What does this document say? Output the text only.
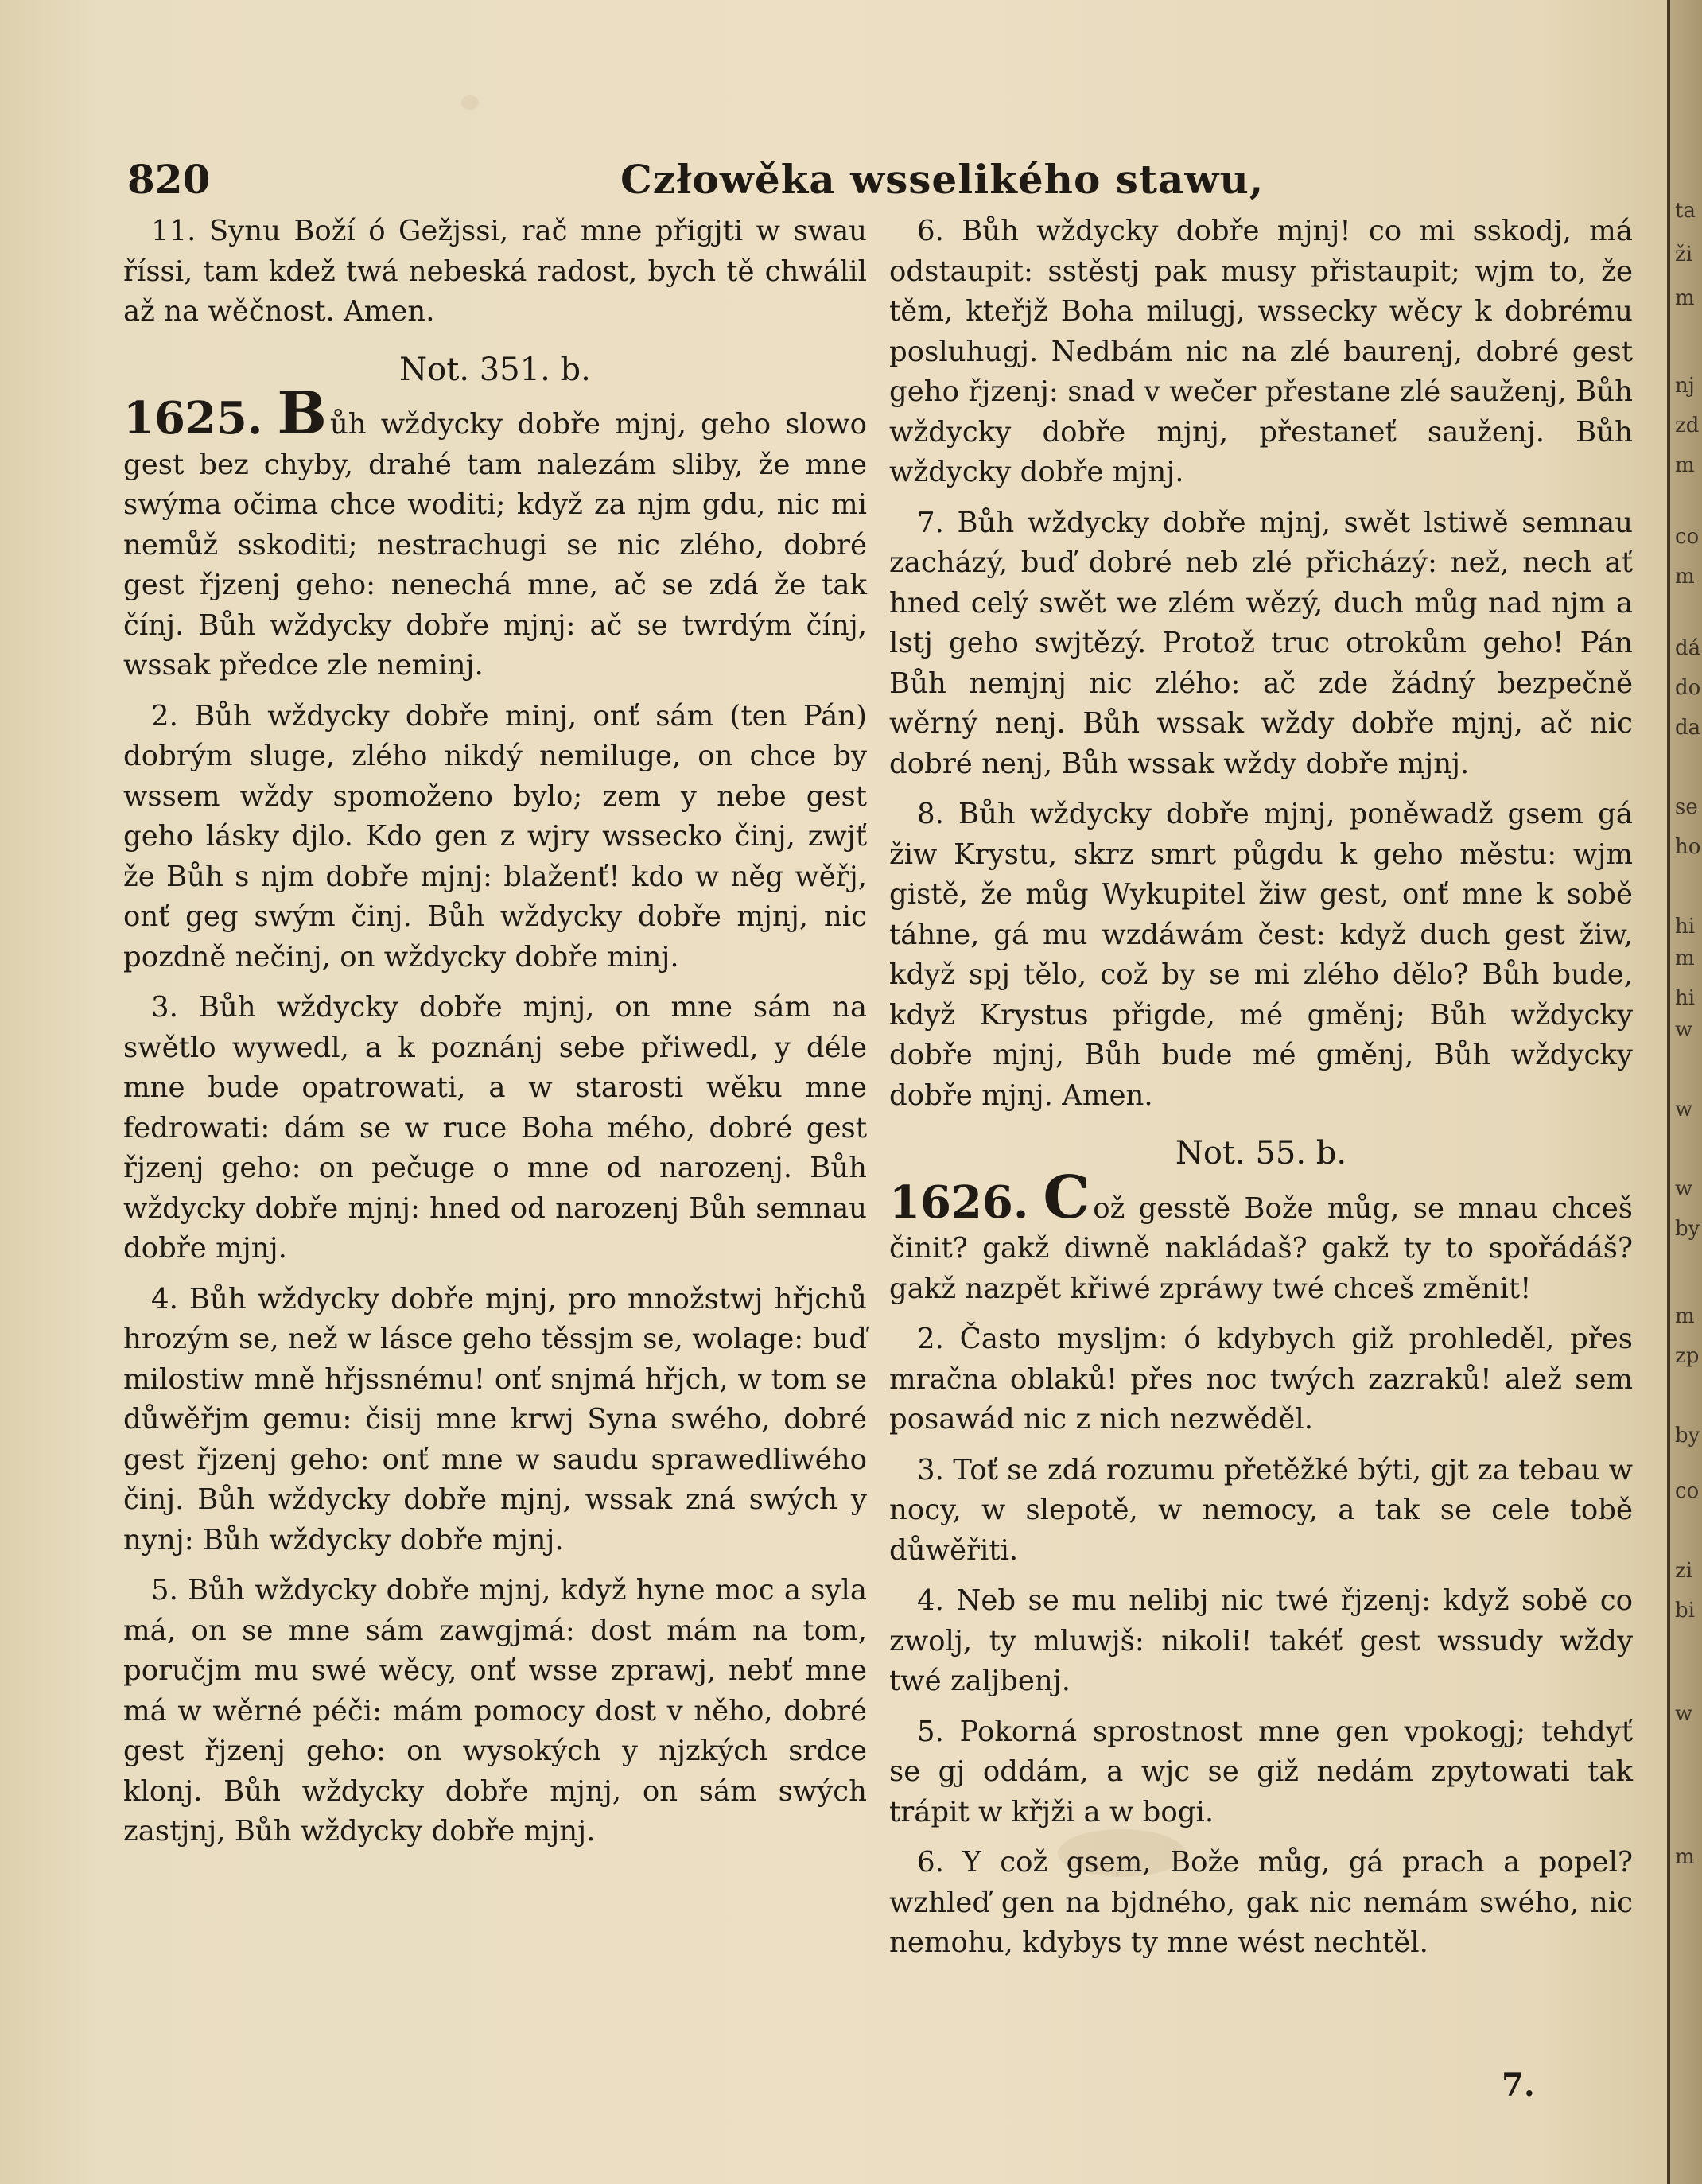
820	Człowěka wsselikého stawu,

11. Synu Boží ó Gežjssi, rač mne přigjti w swau říssi, tam kdež twá nebeská radost, bych tě chwálil až na wěčnost. Amen.

Not. 351. b.

1625. B ůh wždycky dobře mjnj, geho slowo gest bez chyby, drahé tam nalezám sliby, že mne swýma očima chce woditi; když za njm gdu, nic mi nemůž sskoditi; nestrachugi se nic zlého, dobré gest řjzenj geho: nenechá mne, ač se zdá že tak čínj. Bůh wždycky dobře mjnj: ač se twrdým čínj, wssak předce zle neminj.

2. Bůh wždycky dobře minj, onť sám (ten Pán) dobrým sluge, zlého nikdý nemiluge, on chce by wssem wždy spomoženo bylo; zem y nebe gest geho lásky djlo. Kdo gen z wjry wssecko činj, zwjť že Bůh s njm dobře mjnj: blaženť! kdo w něg wěřj, onť geg swým činj. Bůh wždycky dobře mjnj, nic pozdně nečinj, on wždycky dobře minj.

3. Bůh wždycky dobře mjnj, on mne sám na swětlo wywedl, a k poznánj sebe přiwedl, y déle mne bude opatrowati, a w starosti wěku mne fedrowati: dám se w ruce Boha mého, dobré gest řjzenj geho: on pečuge o mne od narozenj. Bůh wždycky dobře mjnj: hned od narozenj Bůh semnau dobře mjnj.

4. Bůh wždycky dobře mjnj, pro množstwj hřjchů hrozým se, než w lásce geho těssjm se, wolage: buď milostiw mně hřjssnému! onť snjmá hřjch, w tom se důwěřjm gemu: čisij mne krwj Syna swého, dobré gest řjzenj geho: onť mne w saudu sprawedliwého činj. Bůh wždycky dobře mjnj, wssak zná swých y nynj: Bůh wždycky dobře mjnj.

5. Bůh wždycky dobře mjnj, když hyne moc a syla má, on se mne sám zawgjmá: dost mám na tom, poručjm mu swé wěcy, onť wsse zprawj, nebť mne má w wěrné péči: mám pomocy dost v něho, dobré gest řjzenj geho: on wysokých y njzkých srdce klonj. Bůh wždycky dobře mjnj, on sám swých zastjnj, Bůh wždycky dobře mjnj.

6. Bůh wždycky dobře mjnj! co mi sskodj, má odstaupit: sstěstj pak musy přistaupit; wjm to, že těm, kteřjž Boha milugj, wssecky wěcy k dobrému posluhugj. Nedbám nic na zlé baurenj, dobré gest geho řjzenj: snad v wečer přestane zlé sauženj, Bůh wždycky dobře mjnj, přestaneť sauženj. Bůh wždycky dobře mjnj.

7. Bůh wždycky dobře mjnj, swět lstiwě semnau zacházý, buď dobré neb zlé přicházý: než, nech ať hned celý swět we zlém wězý, duch můg nad njm a lstj geho swjtězý. Protož truc otrokům geho! Pán Bůh nemjnj nic zlého: ač zde žádný bezpečně wěrný nenj. Bůh wssak wždy dobře mjnj, ač nic dobré nenj, Bůh wssak wždy dobře mjnj.

8. Bůh wždycky dobře mjnj, poněwadž gsem gá žiw Krystu, skrz smrt půgdu k geho městu: wjm gistě, že můg Wykupitel žiw gest, onť mne k sobě táhne, gá mu wzdáwám čest: když duch gest žiw, když spj tělo, což by se mi zlého dělo? Bůh bude, když Krystus přigde, mé gměnj; Bůh wždycky dobře mjnj, Bůh bude mé gměnj, Bůh wždycky dobře mjnj. Amen.

Not. 55. b.

1626. C ož gesstě Bože můg, se mnau chceš činit? gakž diwně nakládaš? gakž ty to spořádáš? gakž nazpět křiwé zpráwy twé chceš změnit!

2. Často myslјm: ó kdybych giž prohleděl, přes mračna oblaků! přes noc twých zazraků! alež sem posawád nic z nich nezwěděl.

3. Toť se zdá rozumu přetěžké býti, gjt za tebau w nocy, w slepotě, w nemocy, a tak se cele tobě důwěřiti.

4. Neb se mu nelibj nic twé řjzenj: když sobě co zwolj, ty mluwjš: nikoli! takéť gest wssudy wždy twé zaljbenj.

5. Pokorná sprostnost mne gen vpokogj; tehdyť se gj oddám, a wjc se giž nedám zpytowati tak trápit w křjži a w bogi.

6. Y což gsem, Bože můg, gá prach a popel? wzhleď gen na bjdného, gak nic nemám swého, nic nemohu, kdybys ty mne wést nechtěl.

7.
ta
ži
m
nj
zd
m
co
m
dá
do
da
se
ho
hi
m
hi
w
w
w
by
m
zp
by
co
zi
bi
w
m
